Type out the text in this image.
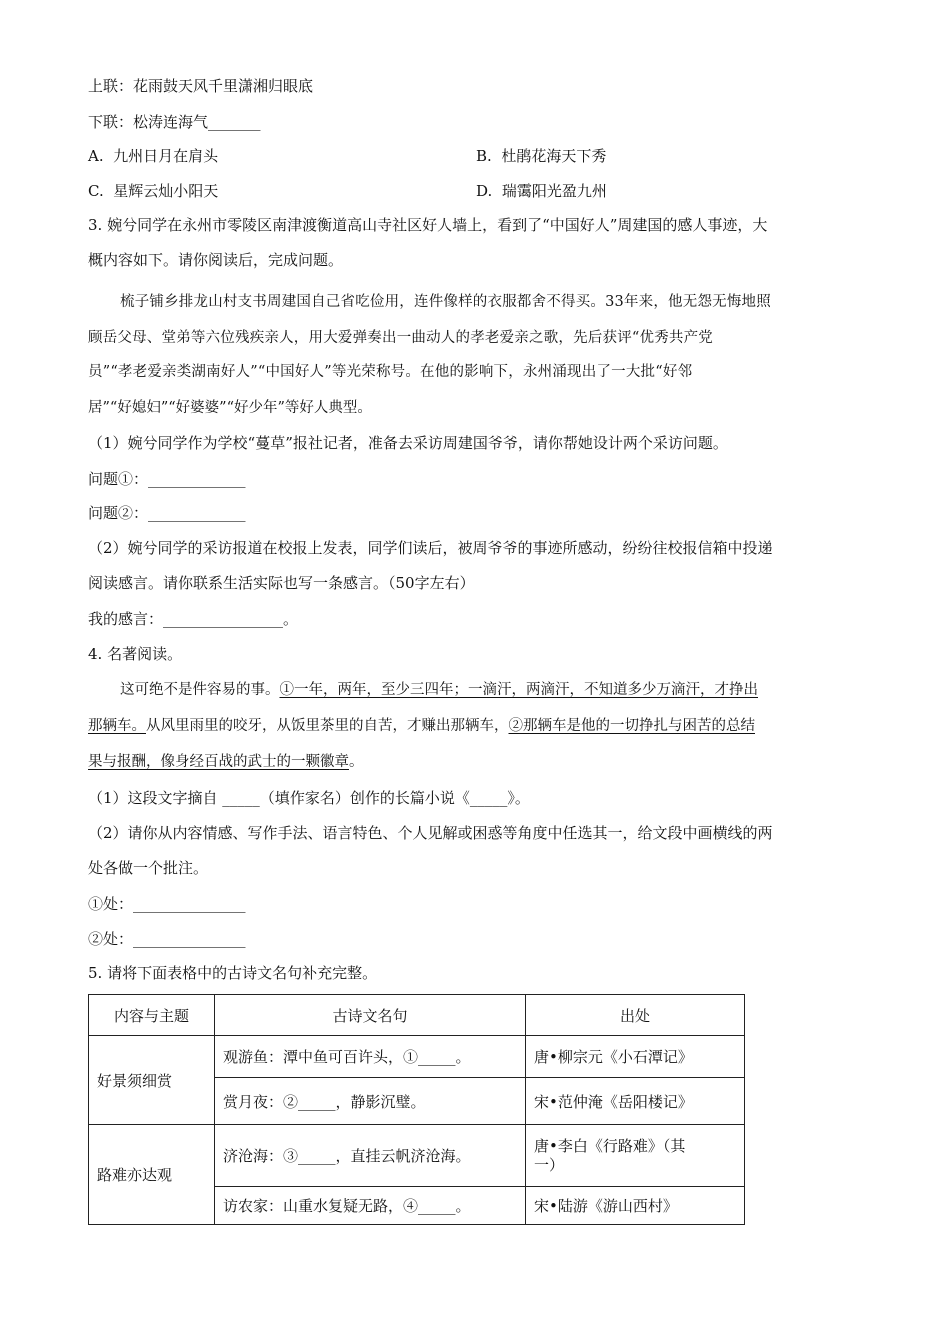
上联：花雨鼓天风千里潇湘归眼底
下联：松涛连海气_______
A. 九州日月在肩头	B. 杜鹃花海天下秀
C. 星辉云灿小阳天	D. 瑞霭阳光盈九州
3. 婉兮同学在永州市零陵区南津渡衡道高山寺社区好人墙上，看到了“中国好人”周建国的感人事迹，大
概内容如下。请你阅读后，完成问题。
梳子铺乡排龙山村支书周建国自己省吃俭用，连件像样的衣服都舍不得买。33年来，他无怨无悔地照
顾岳父母、堂弟等六位残疾亲人，用大爱弹奏出一曲动人的孝老爱亲之歌，先后获评“优秀共产党
员”“孝老爱亲类湖南好人”“中国好人”等光荣称号。在他的影响下，永州涌现出了一大批“好邻
居”“好媳妇”“好婆婆”“好少年”等好人典型。
（1）婉兮同学作为学校“蔓草”报社记者，准备去采访周建国爷爷，请你帮她设计两个采访问题。
问题①：_____________
问题②：_____________
（2）婉兮同学的采访报道在校报上发表，同学们读后，被周爷爷的事迹所感动，纷纷往校报信箱中投递
阅读感言。请你联系生活实际也写一条感言。（50字左右）
我的感言：________________。
4. 名著阅读。
这可绝不是件容易的事。①一年，两年，至少三四年；一滴汗，两滴汗，不知道多少万滴汗，才挣出
那辆车。从风里雨里的咬牙，从饭里茶里的自苦，才赚出那辆车，②那辆车是他的一切挣扎与困苦的总结
果与报酬，像身经百战的武士的一颗徽章。
（1）这段文字摘自 _____（填作家名）创作的长篇小说《_____》。
（2）请你从内容情感、写作手法、语言特色、个人见解或困惑等角度中任选其一，给文段中画横线的两
处各做一个批注。
①处：_______________
②处：_______________
5. 请将下面表格中的古诗文名句补充完整。
内容与主题	古诗文名句	出处
好景须细赏	观游鱼：潭中鱼可百许头，①_____。	唐•柳宗元《小石潭记》
	赏月夜：②_____，静影沉璧。	宋•范仲淹《岳阳楼记》
路难亦达观	济沧海：③_____，直挂云帆济沧海。	唐•李白《行路难》（其
一）

	访农家：山重水复疑无路，④_____。	宋•陆游《游山西村》
